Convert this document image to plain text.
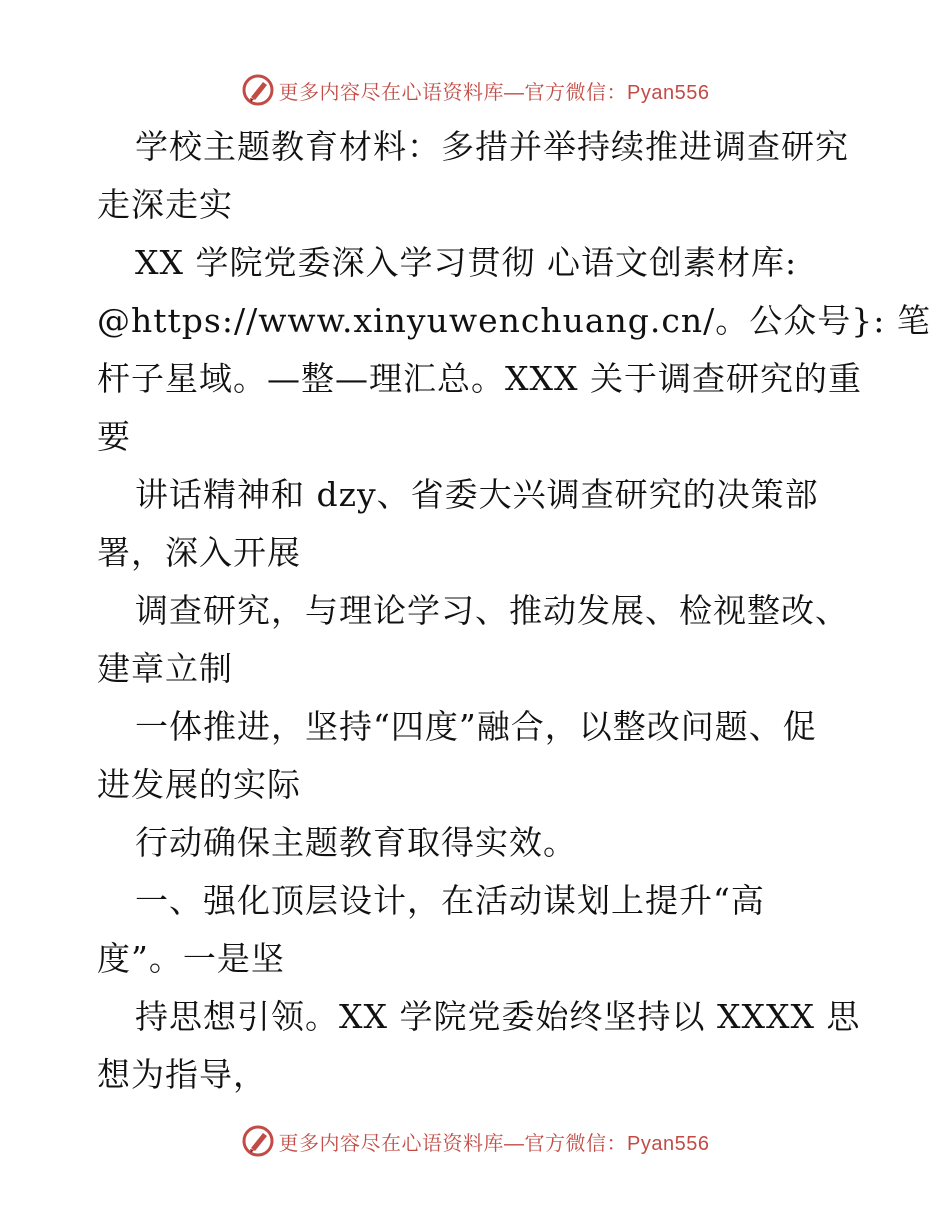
更多内容尽在心语资料库—官方微信：Pyan556
学校主题教育材料：多措并举持续推进调查研究
走深走实
XX 学院党委深入学习贯彻 心语文创素材库:
@https://www.xinyuwenchuang.cn/。公众号}: 笔
杆子星域。—整—理汇总。XXX 关于调查研究的重
要
讲话精神和 dzy、省委大兴调查研究的决策部
署，深入开展
调查研究，与理论学习、推动发展、检视整改、
建章立制
一体推进，坚持“四度”融合，以整改问题、促
进发展的实际
行动确保主题教育取得实效。
一、强化顶层设计，在活动谋划上提升“高
度”。一是坚
持思想引领。XX 学院党委始终坚持以 XXXX 思
想为指导，
更多内容尽在心语资料库—官方微信：Pyan556
